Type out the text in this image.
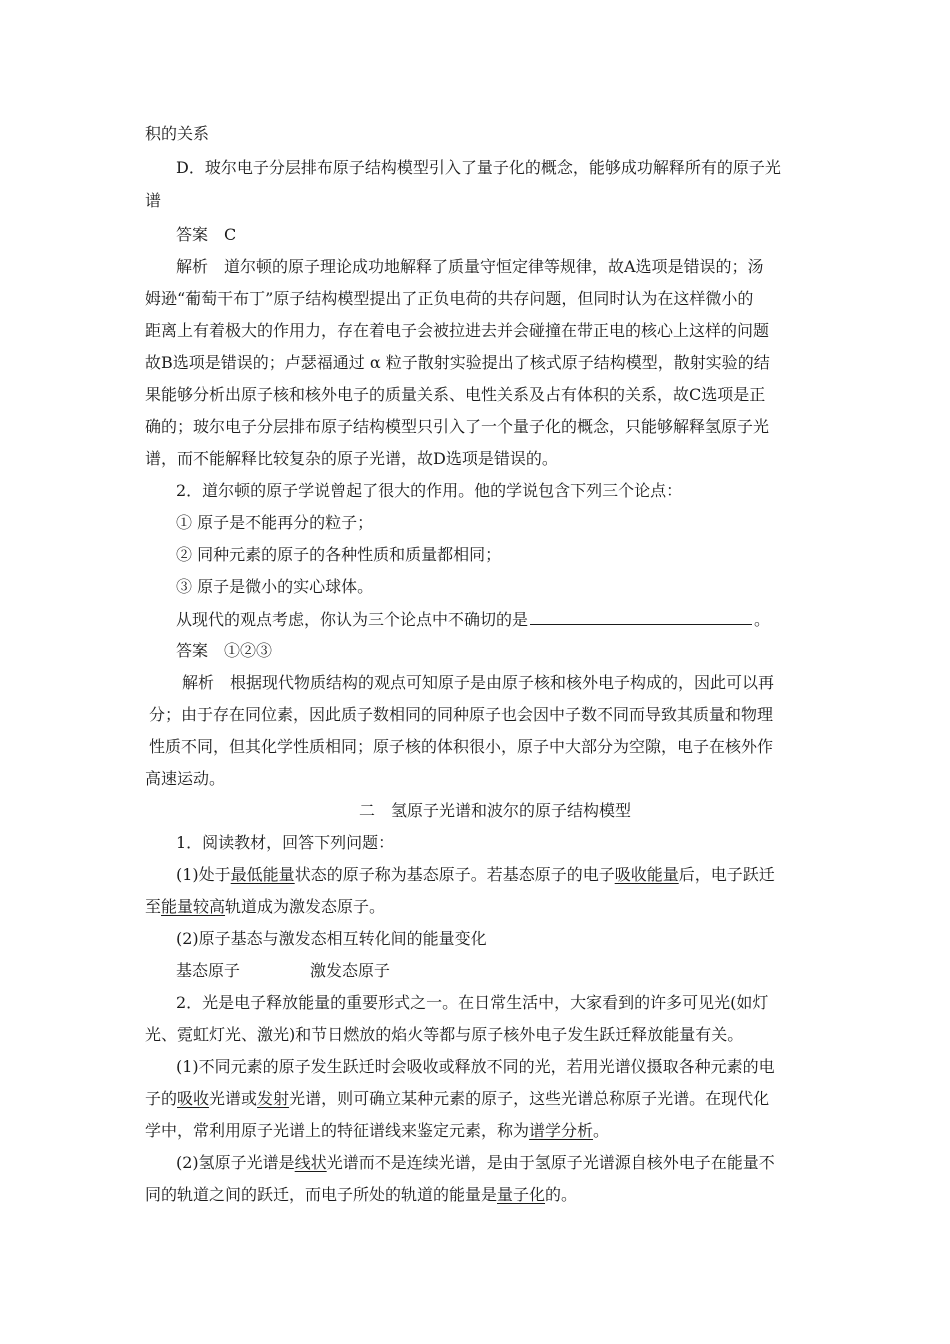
积的关系
D．玻尔电子分层排布原子结构模型引入了量子化的概念，能够成功解释所有的原子光
谱
答案　C
解析　道尔顿的原子理论成功地解释了质量守恒定律等规律，故A选项是错误的；汤
姆逊“葡萄干布丁”原子结构模型提出了正负电荷的共存问题，但同时认为在这样微小的
距离上有着极大的作用力，存在着电子会被拉进去并会碰撞在带正电的核心上这样的问题
故B选项是错误的；卢瑟福通过 α 粒子散射实验提出了核式原子结构模型，散射实验的结
果能够分析出原子核和核外电子的质量关系、电性关系及占有体积的关系，故C选项是正
确的；玻尔电子分层排布原子结构模型只引入了一个量子化的概念，只能够解释氢原子光
谱，而不能解释比较复杂的原子光谱，故D选项是错误的。
2．道尔顿的原子学说曾起了很大的作用。他的学说包含下列三个论点：
① 原子是不能再分的粒子；
② 同种元素的原子的各种性质和质量都相同；
③ 原子是微小的实心球体。
从现代的观点考虑，你认为三个论点中不确切的是	。
答案　①②③
解析　根据现代物质结构的观点可知原子是由原子核和核外电子构成的，因此可以再
分；由于存在同位素，因此质子数相同的同种原子也会因中子数不同而导致其质量和物理
性质不同，但其化学性质相同；原子核的体积很小，原子中大部分为空隙，电子在核外作
高速运动。
二　氢原子光谱和波尔的原子结构模型
1．阅读教材，回答下列问题：
(1)处于最低能量状态的原子称为基态原子。若基态原子的电子吸收能量后，电子跃迁
至能量较高轨道成为激发态原子。
(2)原子基态与激发态相互转化间的能量变化
基态原子	激发态原子
2．光是电子释放能量的重要形式之一。在日常生活中，大家看到的许多可见光(如灯
光、霓虹灯光、激光)和节日燃放的焰火等都与原子核外电子发生跃迁释放能量有关。
(1)不同元素的原子发生跃迁时会吸收或释放不同的光，若用光谱仪摄取各种元素的电
子的吸收光谱或发射光谱，则可确立某种元素的原子，这些光谱总称原子光谱。在现代化
学中，常利用原子光谱上的特征谱线来鉴定元素，称为谱学分析。
(2)氢原子光谱是线状光谱而不是连续光谱，是由于氢原子光谱源自核外电子在能量不
同的轨道之间的跃迁，而电子所处的轨道的能量是量子化的。
